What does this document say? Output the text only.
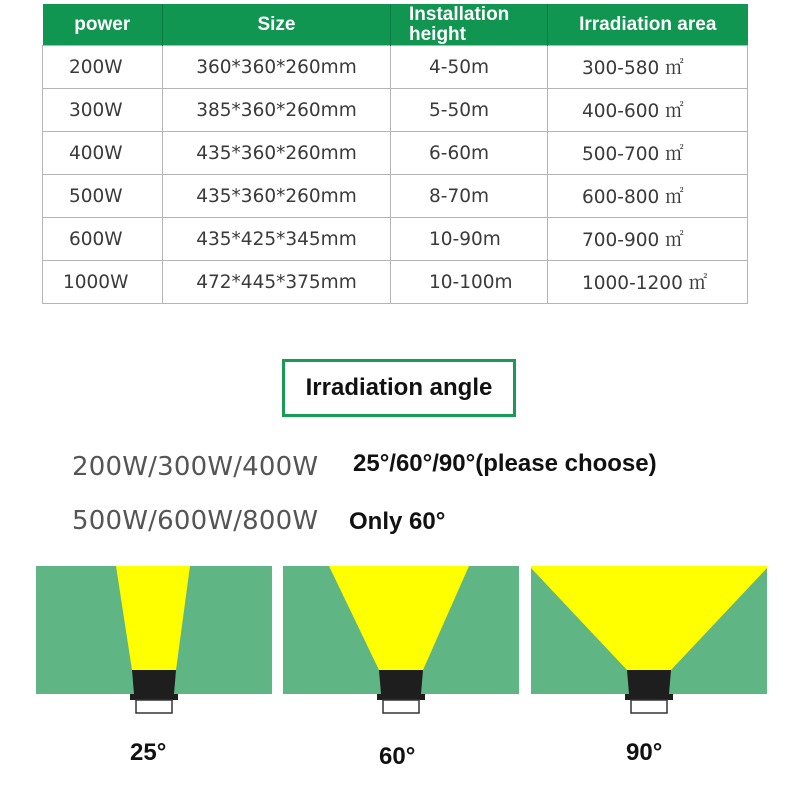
power	Size	Installation height	Irradiation area
200W	360*360*260mm	4-50m	300-580 ㎡
300W	385*360*260mm	5-50m	400-600 ㎡
400W	435*360*260mm	6-60m	500-700 ㎡
500W	435*360*260mm	8-70m	600-800 ㎡
600W	435*425*345mm	10-90m	700-900 ㎡
1000W	472*445*375mm	10-100m	1000-1200 ㎡
Irradiation angle
200W/300W/400W 25°/60°/90°(please choose)
500W/600W/800W Only 60°
25°	60°	90°
